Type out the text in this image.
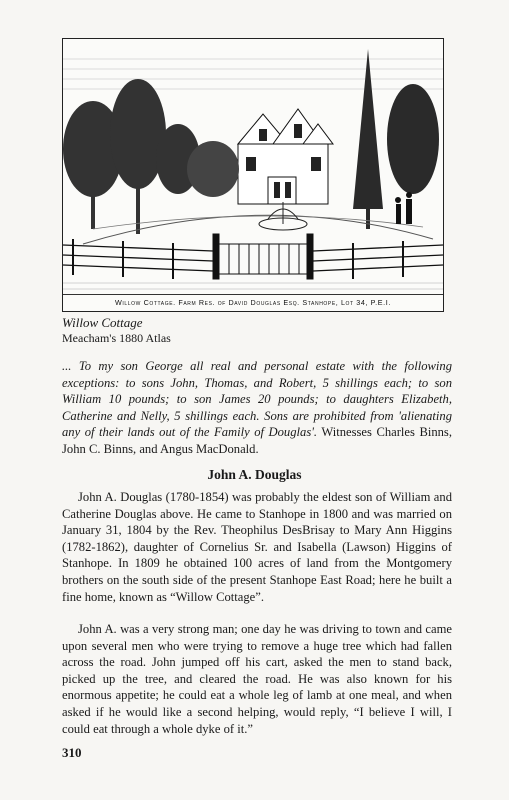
Willow Cottage. Farm Res. of David Douglas Esq. Stanhope, Lot 34, P.E.I.
Willow Cottage
Meacham's 1880 Atlas
... To my son George all real and personal estate with the following exceptions: to sons John, Thomas, and Robert, 5 shillings each; to son William 10 pounds; to son James 20 pounds; to daughters Elizabeth, Catherine and Nelly, 5 shillings each. Sons are prohibited from 'alienating any of their lands out of the Family of Douglas'. Witnesses Charles Binns, John C. Binns, and Angus MacDonald.
John A. Douglas
John A. Douglas (1780-1854) was probably the eldest son of William and Catherine Douglas above. He came to Stanhope in 1800 and was married on January 31, 1804 by the Rev. Theophilus DesBrisay to Mary Ann Higgins (1782-1862), daughter of Cornelius Sr. and Isabella (Lawson) Higgins of Stanhope. In 1809 he obtained 100 acres of land from the Montgomery brothers on the south side of the present Stanhope East Road; here he built a fine home, known as “Willow Cottage”.
John A. was a very strong man; one day he was driving to town and came upon several men who were trying to remove a huge tree which had fallen across the road. John jumped off his cart, asked the men to stand back, picked up the tree, and cleared the road. He was also known for his enormous appetite; he could eat a whole leg of lamb at one meal, and when asked if he would like a second helping, would reply, “I believe I will, I could eat through a whole dyke of it.”
310
